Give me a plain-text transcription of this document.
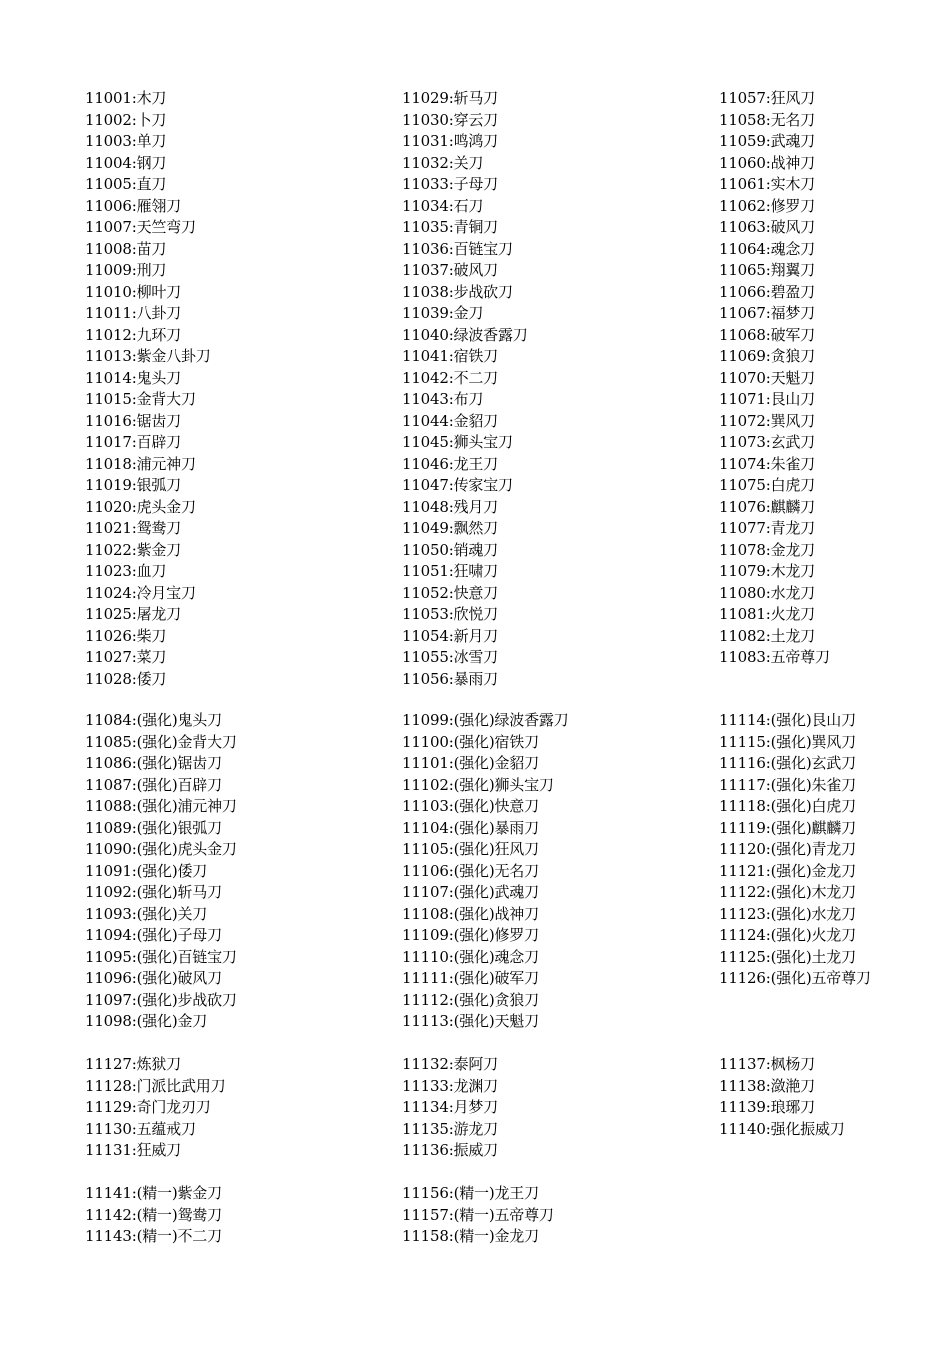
11001:木刀
11002:卜刀
11003:单刀
11004:钢刀
11005:直刀
11006:雁翎刀
11007:天竺弯刀
11008:苗刀
11009:刑刀
11010:柳叶刀
11011:八卦刀
11012:九环刀
11013:紫金八卦刀
11014:鬼头刀
11015:金背大刀
11016:锯齿刀
11017:百辟刀
11018:浦元神刀
11019:银弧刀
11020:虎头金刀
11021:鸳鸯刀
11022:紫金刀
11023:血刀
11024:冷月宝刀
11025:屠龙刀
11026:柴刀
11027:菜刀
11028:倭刀
11029:斩马刀
11030:穿云刀
11031:鸣鸿刀
11032:关刀
11033:子母刀
11034:石刀
11035:青铜刀
11036:百链宝刀
11037:破风刀
11038:步战砍刀
11039:金刀
11040:绿波香露刀
11041:宿铁刀
11042:不二刀
11043:布刀
11044:金貂刀
11045:狮头宝刀
11046:龙王刀
11047:传家宝刀
11048:残月刀
11049:飘然刀
11050:销魂刀
11051:狂啸刀
11052:快意刀
11053:欣悦刀
11054:新月刀
11055:冰雪刀
11056:暴雨刀
11057:狂风刀
11058:无名刀
11059:武魂刀
11060:战神刀
11061:实木刀
11062:修罗刀
11063:破风刀
11064:魂念刀
11065:翔翼刀
11066:碧盈刀
11067:福梦刀
11068:破军刀
11069:贪狼刀
11070:天魁刀
11071:艮山刀
11072:巽风刀
11073:玄武刀
11074:朱雀刀
11075:白虎刀
11076:麒麟刀
11077:青龙刀
11078:金龙刀
11079:木龙刀
11080:水龙刀
11081:火龙刀
11082:土龙刀
11083:五帝尊刀
11084:(强化)鬼头刀
11085:(强化)金背大刀
11086:(强化)锯齿刀
11087:(强化)百辟刀
11088:(强化)浦元神刀
11089:(强化)银弧刀
11090:(强化)虎头金刀
11091:(强化)倭刀
11092:(强化)斩马刀
11093:(强化)关刀
11094:(强化)子母刀
11095:(强化)百链宝刀
11096:(强化)破风刀
11097:(强化)步战砍刀
11098:(强化)金刀
11099:(强化)绿波香露刀
11100:(强化)宿铁刀
11101:(强化)金貂刀
11102:(强化)狮头宝刀
11103:(强化)快意刀
11104:(强化)暴雨刀
11105:(强化)狂风刀
11106:(强化)无名刀
11107:(强化)武魂刀
11108:(强化)战神刀
11109:(强化)修罗刀
11110:(强化)魂念刀
11111:(强化)破军刀
11112:(强化)贪狼刀
11113:(强化)天魁刀
11114:(强化)艮山刀
11115:(强化)巽风刀
11116:(强化)玄武刀
11117:(强化)朱雀刀
11118:(强化)白虎刀
11119:(强化)麒麟刀
11120:(强化)青龙刀
11121:(强化)金龙刀
11122:(强化)木龙刀
11123:(强化)水龙刀
11124:(强化)火龙刀
11125:(强化)土龙刀
11126:(强化)五帝尊刀
11127:炼狱刀
11128:门派比武用刀
11129:奇门龙刃刀
11130:五蕴戒刀
11131:狂威刀
11132:泰阿刀
11133:龙渊刀
11134:月梦刀
11135:游龙刀
11136:振威刀
11137:枫杨刀
11138:潋滟刀
11139:琅琊刀
11140:强化振威刀
11141:(精一)紫金刀
11142:(精一)鸳鸯刀
11143:(精一)不二刀
11156:(精一)龙王刀
11157:(精一)五帝尊刀
11158:(精一)金龙刀
